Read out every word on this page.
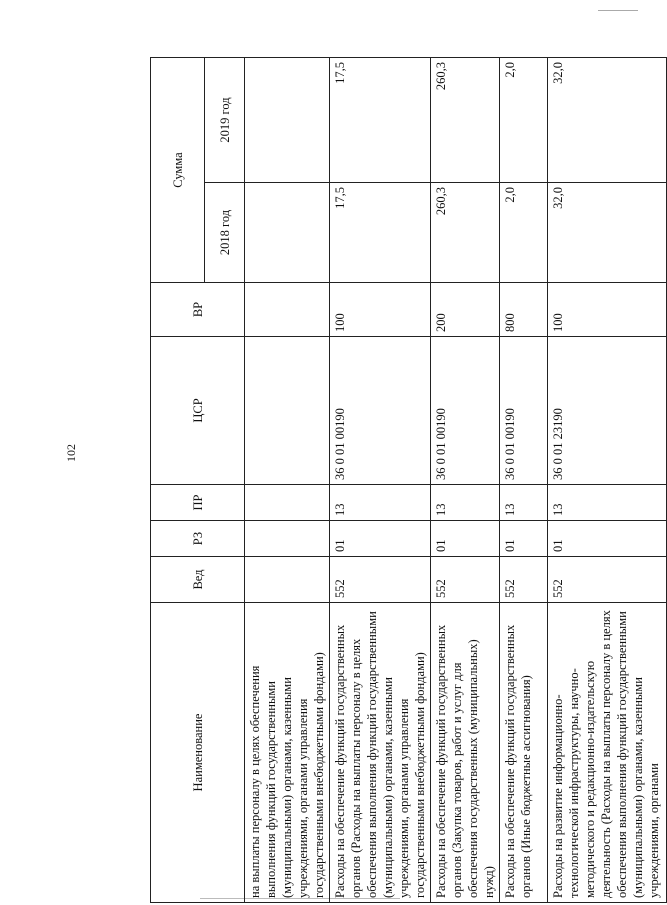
102
Наименование	Вед	РЗ	ПР	ЦСР	ВР	Сумма	
						2018 год	2019 год
на выплаты персоналу в целях обеспечения выполнения функций государственными (муниципальными) органами, казенными учреждениями, органами управления государственными внебюджетными фондами)							
Расходы на обеспечение функций государственных органов (Расходы на выплаты персоналу в целях обеспечения выполнения функций государственными (муниципальными) органами, казенными учреждениями, органами управления государственными внебюджетными фондами)	552	01	13	36 0 01 00190	100	17,5	17,5
Расходы на обеспечение функций государственных органов (Закупка товаров, работ и услуг для обеспечения государственных (муниципальных) нужд)	552	01	13	36 0 01 00190	200	260,3	260,3
Расходы на обеспечение функций государственных органов (Иные бюджетные ассигнования)	552	01	13	36 0 01 00190	800	2,0	2,0
Расходы на развитие информационно-технологической инфраструктуры, научно-методического и редакционно-издательскую деятельность (Расходы на выплаты персоналу в целях обеспечения выполнения функций государственными (муниципальными) органами, казенными учреждениями, органами	552	01	13	36 0 01 23190	100	32,0	32,0
